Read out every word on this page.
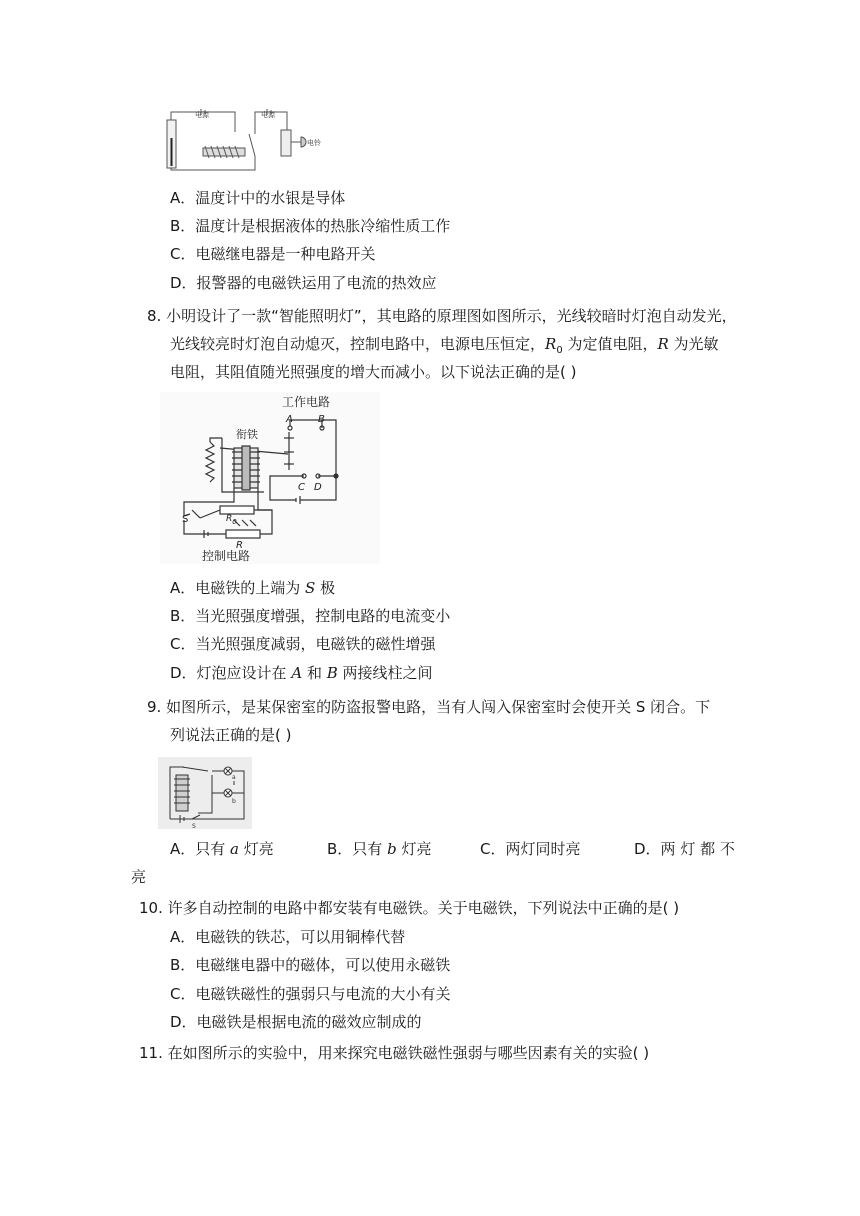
电源	电源
电铃
A．温度计中的水银是导体
B．温度计是根据液体的热胀冷缩性质工作
C．电磁继电器是一种电路开关
D．报警器的电磁铁运用了电流的热效应
8. 小明设计了一款“智能照明灯”，其电路的原理图如图所示，光线较暗时灯泡自动发光，
光线较亮时灯泡自动熄灭，控制电路中，电源电压恒定，$R_0$ 为定值电阻，R 为光敏
电阻，其阻值随光照强度的增大而减小。以下说法正确的是( )
工作电路
A	B
衔铁
C D
S	$R_0$
R
控制电路
A．电磁铁的上端为 S 极
B．当光照强度增强，控制电路的电流变小
C．当光照强度减弱，电磁铁的磁性增强
D．灯泡应设计在 A 和 B 两接线柱之间
9. 如图所示，是某保密室的防盗报警电路，当有人闯入保密室时会使开关 S 闭合。下
列说法正确的是( )
a
b
S
A．只有 a 灯亮	B．只有 b 灯亮	C．两灯同时亮	D．两 灯 都 不
亮
10. 许多自动控制的电路中都安装有电磁铁。关于电磁铁，下列说法中正确的是( )
A．电磁铁的铁芯，可以用铜棒代替
B．电磁继电器中的磁体，可以使用永磁铁
C．电磁铁磁性的强弱只与电流的大小有关
D．电磁铁是根据电流的磁效应制成的
11. 在如图所示的实验中，用来探究电磁铁磁性强弱与哪些因素有关的实验( )
